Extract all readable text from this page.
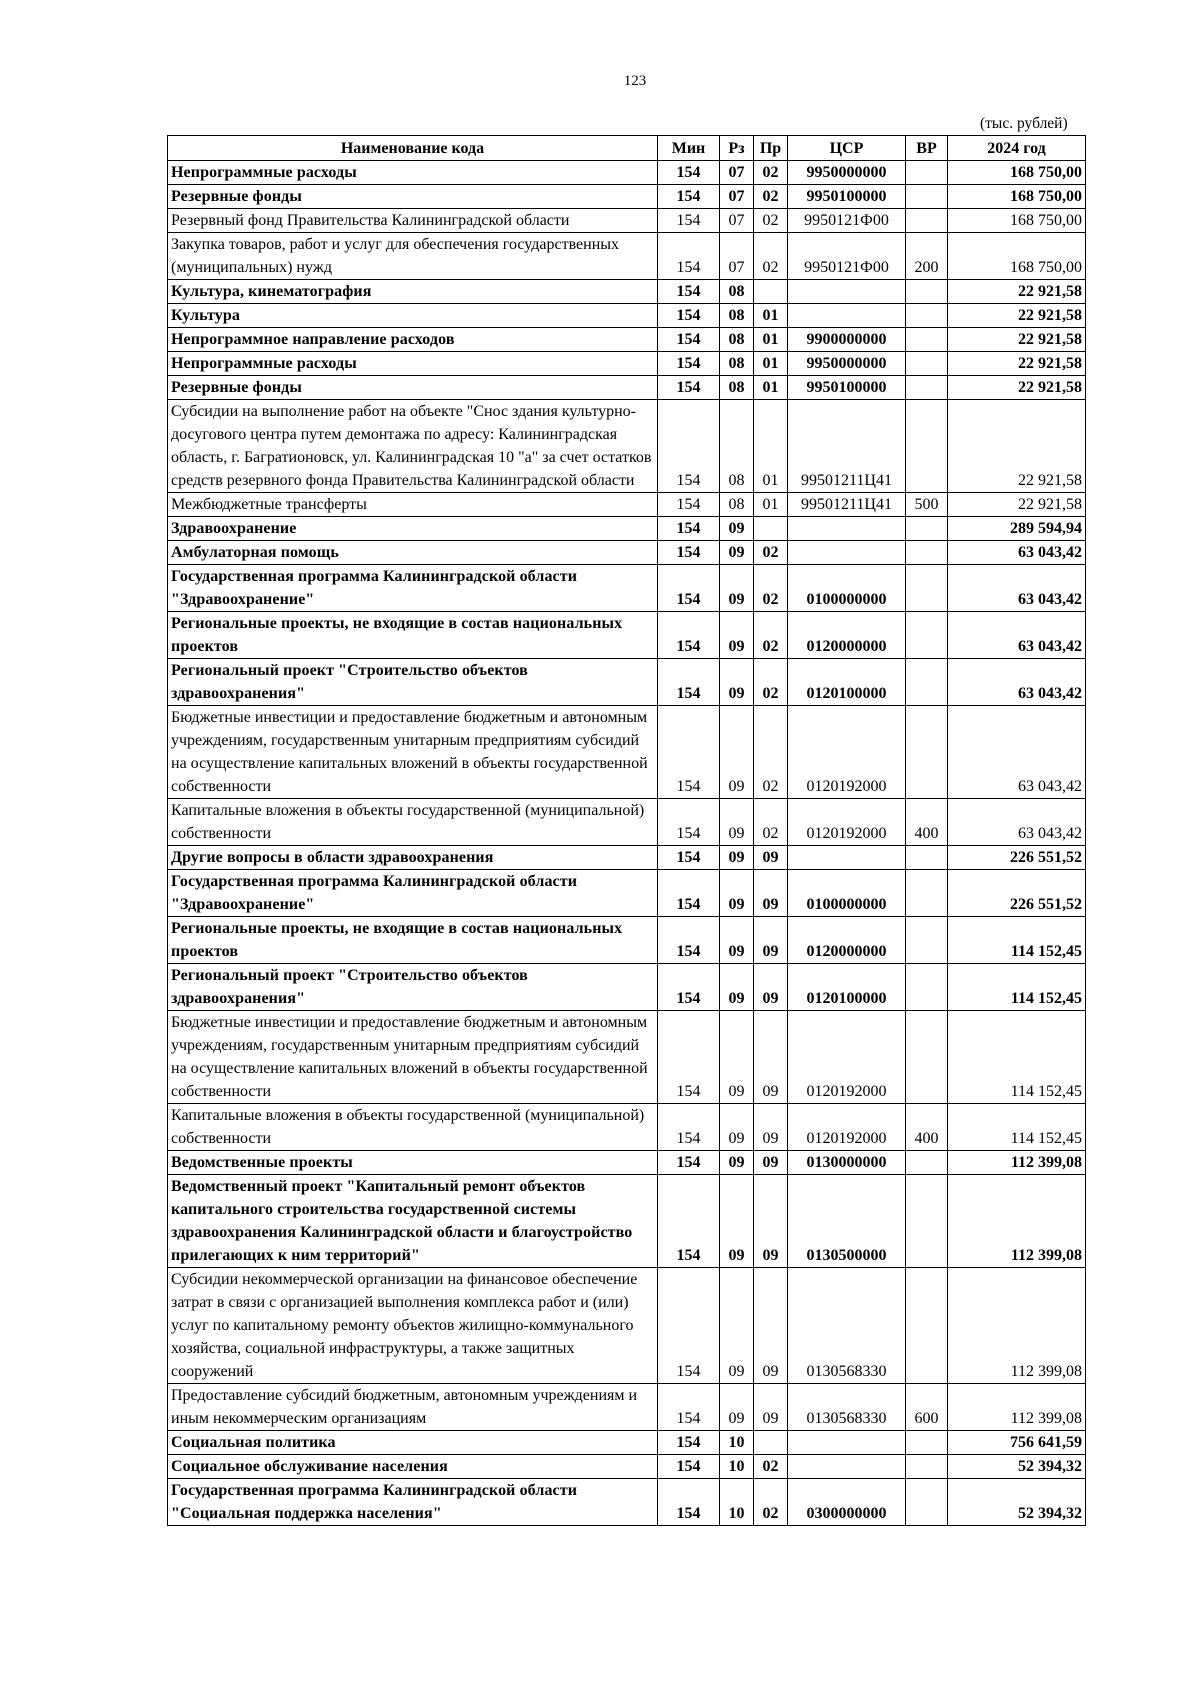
123
(тыс. рублей)
Наименование кода	Мин	Рз	Пр	ЦСР	ВР	2024 год
Непрограммные расходы	154	07	02	9950000000		168 750,00
Резервные фонды	154	07	02	9950100000		168 750,00
Резервный фонд Правительства Калининградской области	154	07	02	9950121Ф00		168 750,00
Закупка товаров, работ и услуг для обеспечения государственных (муниципальных) нужд	154	07	02	9950121Ф00	200	168 750,00
Культура, кинематография	154	08				22 921,58
Культура	154	08	01			22 921,58
Непрограммное направление расходов	154	08	01	9900000000		22 921,58
Непрограммные расходы	154	08	01	9950000000		22 921,58
Резервные фонды	154	08	01	9950100000		22 921,58
Субсидии на выполнение работ на объекте "Снос здания культурно-досугового центра путем демонтажа по адресу: Калининградская область, г. Багратионовск, ул. Калининградская 10 "а" за счет остатков средств резервного фонда Правительства Калининградской области	154	08	01	99501211Ц41		22 921,58
Межбюджетные трансферты	154	08	01	99501211Ц41	500	22 921,58
Здравоохранение	154	09				289 594,94
Амбулаторная помощь	154	09	02			63 043,42
Государственная программа Калининградской области "Здравоохранение"	154	09	02	0100000000		63 043,42
Региональные проекты, не входящие в состав национальных проектов	154	09	02	0120000000		63 043,42
Региональный проект "Строительство объектов здравоохранения"	154	09	02	0120100000		63 043,42
Бюджетные инвестиции и предоставление бюджетным и автономным учреждениям, государственным унитарным предприятиям субсидий на осуществление капитальных вложений в объекты государственной собственности	154	09	02	0120192000		63 043,42
Капитальные вложения в объекты государственной (муниципальной) собственности	154	09	02	0120192000	400	63 043,42
Другие вопросы в области здравоохранения	154	09	09			226 551,52
Государственная программа Калининградской области "Здравоохранение"	154	09	09	0100000000		226 551,52
Региональные проекты, не входящие в состав национальных проектов	154	09	09	0120000000		114 152,45
Региональный проект "Строительство объектов здравоохранения"	154	09	09	0120100000		114 152,45
Бюджетные инвестиции и предоставление бюджетным и автономным учреждениям, государственным унитарным предприятиям субсидий на осуществление капитальных вложений в объекты государственной собственности	154	09	09	0120192000		114 152,45
Капитальные вложения в объекты государственной (муниципальной) собственности	154	09	09	0120192000	400	114 152,45
Ведомственные проекты	154	09	09	0130000000		112 399,08
Ведомственный проект "Капитальный ремонт объектов капитального строительства государственной системы здравоохранения Калининградской области и благоустройство прилегающих к ним территорий"	154	09	09	0130500000		112 399,08
Субсидии некоммерческой организации на финансовое обеспечение затрат в связи с организацией выполнения комплекса работ и (или) услуг по капитальному ремонту объектов жилищно-коммунального хозяйства, социальной инфраструктуры, а также защитных сооружений	154	09	09	0130568330		112 399,08
Предоставление субсидий бюджетным, автономным учреждениям и иным некоммерческим организациям	154	09	09	0130568330	600	112 399,08
Социальная политика	154	10				756 641,59
Социальное обслуживание населения	154	10	02			52 394,32
Государственная программа Калининградской области "Социальная поддержка населения"	154	10	02	0300000000		52 394,32
